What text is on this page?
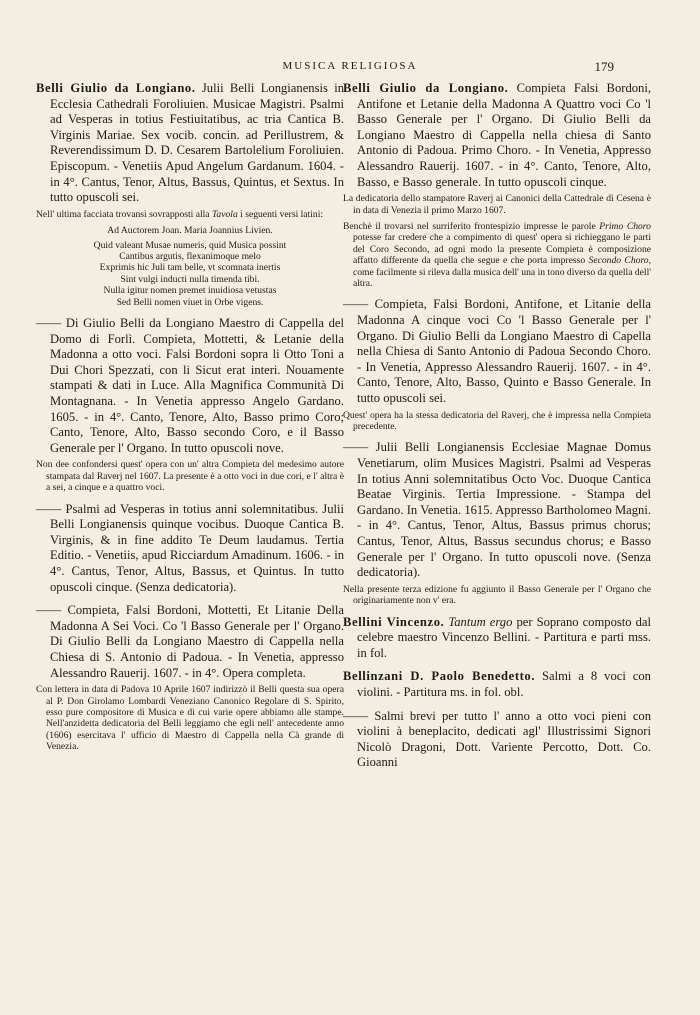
MUSICA RELIGIOSA	179

Belli Giulio da Longiano. Julii Belli Longianensis in Ecclesia Cathedrali Foroliuien. Musicae Magistri. Psalmi ad Vesperas in totius Festiuitatibus, ac tria Cantica B. Virginis Mariae. Sex vocib. concin. ad Perillustrem, & Reverendissimum D. D. Cesarem Bartolelium Foroliuien. Episcopum. - Venetiis Apud Angelum Gardanum. 1604. - in 4°. Cantus, Tenor, Altus, Bassus, Quintus, et Sextus. In tutto opuscoli sei.

Nell' ultima facciata trovansi sovrapposti alla Tavola i seguenti versi latini:

Ad Auctorem Joan. Maria Joannius Livien.

Quid valeant Musae numeris, quid Musica possint

Cantibus argutis, flexanimoque melo

Exprimis hic Juli tam belle, vt scomnata inertis

Sint vulgi inducti nulla timenda tibi.

Nulla igitur nomen premet inuidiosa vetustas

Sed Belli nomen viuet in Orbe vigens.

—— Di Giulio Belli da Longiano Maestro di Cappella del Domo di Forlì. Compieta, Mottetti, & Letanie della Madonna a otto voci. Falsi Bordoni sopra li Otto Toni a Dui Chori Spezzati, con li Sicut erat interi. Nouamente stampati & dati in Luce. Alla Magnifica Communità Di Montagnana. - In Venetia appresso Angelo Gardano. 1605. - in 4°. Canto, Tenore, Alto, Basso primo Coro; Canto, Tenore, Alto, Basso secondo Coro, e il Basso Generale per l' Organo. In tutto opuscoli nove.

Non dee confondersi quest' opera con un' altra Compieta del medesimo autore stampata dal Raverj nel 1607. La presente è a otto voci in due cori, e l' altra è a sei, a cinque e a quattro voci.

—— Psalmi ad Vesperas in totius anni solemnitatibus. Julii Belli Longianensis quinque vocibus. Duoque Cantica B. Virginis, & in fine addito Te Deum laudamus. Tertia Editio. - Venetiis, apud Ricciardum Amadinum. 1606. - in 4°. Cantus, Tenor, Altus, Bassus, et Quintus. In tutto opuscoli cinque. (Senza dedicatoria).

—— Compieta, Falsi Bordoni, Mottetti, Et Litanie Della Madonna A Sei Voci. Co 'l Basso Generale per l' Organo. Di Giulio Belli da Longiano Maestro di Cappella nella Chiesa di S. Antonio di Padoua. - In Venetia, appresso Alessandro Rauerij. 1607. - in 4°. Opera completa.

Con lettera in data di Padova 10 Aprile 1607 indirizzò il Belli questa sua opera al P. Don Girolamo Lombardi Veneziano Canonico Regolare di S. Spirito, esso pure compositore di Musica e di cui varie opere abbiamo alle stampe. Nell'anzidetta dedicatoria del Belli leggiamo che egli nell' antecedente anno (1606) esercitava l' ufficio di Maestro di Cappella nella Cà grande di Venezia.

Belli Giulio da Longiano. Compieta Falsi Bordoni, Antifone et Letanie della Madonna A Quattro voci Co 'l Basso Generale per l' Organo. Di Giulio Belli da Longiano Maestro di Cappella nella chiesa di Santo Antonio di Padoua. Primo Choro. - In Venetia, Appresso Alessandro Rauerij. 1607. - in 4°. Canto, Tenore, Alto, Basso, e Basso generale. In tutto opuscoli cinque.

La dedicatoria dello stampatore Raverj ai Canonici della Cattedrale di Cesena è in data di Venezia il primo Marzo 1607.

Benchè il trovarsi nel surriferito frontespizio impresse le parole Primo Choro potesse far credere che a compimento di quest' opera si richieggano le parti del Coro Secondo, ad ogni modo la presente Compieta è composizione affatto differente da quella che segue e che porta impresso Secondo Choro, come facilmente si rileva dalla musica dell' una in tono diverso da quella dell' altra.

—— Compieta, Falsi Bordoni, Antifone, et Litanie della Madonna A cinque voci Co 'l Basso Generale per l' Organo. Di Giulio Belli da Longiano Maestro di Capella nella Chiesa di Santo Antonio di Padoua Secondo Choro. - In Venetia, Appresso Alessandro Rauerij. 1607. - in 4°. Canto, Tenore, Alto, Basso, Quinto e Basso Generale. In tutto opuscoli sei.

Quest' opera ha la stessa dedicatoria del Raverj, che è impressa nella Compieta precedente.

—— Julii Belli Longianensis Ecclesiae Magnae Domus Venetiarum, olim Musices Magistri. Psalmi ad Vesperas In totius Anni solemnitatibus Octo Voc. Duoque Cantica Beatae Virginis. Tertia Impressione. - Stampa del Gardano. In Venetia. 1615. Appresso Bartholomeo Magni. - in 4°. Cantus, Tenor, Altus, Bassus primus chorus; Cantus, Tenor, Altus, Bassus secundus chorus; e Basso Generale per l' Organo. In tutto opuscoli nove. (Senza dedicatoria).

Nella presente terza edizione fu aggiunto il Basso Generale per l' Organo che originariamente non v' era.

Bellini Vincenzo. Tantum ergo per Soprano composto dal celebre maestro Vincenzo Bellini. - Partitura e parti mss. in fol.

Bellinzani D. Paolo Benedetto. Salmi a 8 voci con violini. - Partitura ms. in fol. obl.

—— Salmi brevi per tutto l' anno a otto voci pieni con violini à beneplacito, dedicati agl' Illustrissimi Signori Nicolò Dragoni, Dott. Variente Percotto, Dott. Co. Gioanni
